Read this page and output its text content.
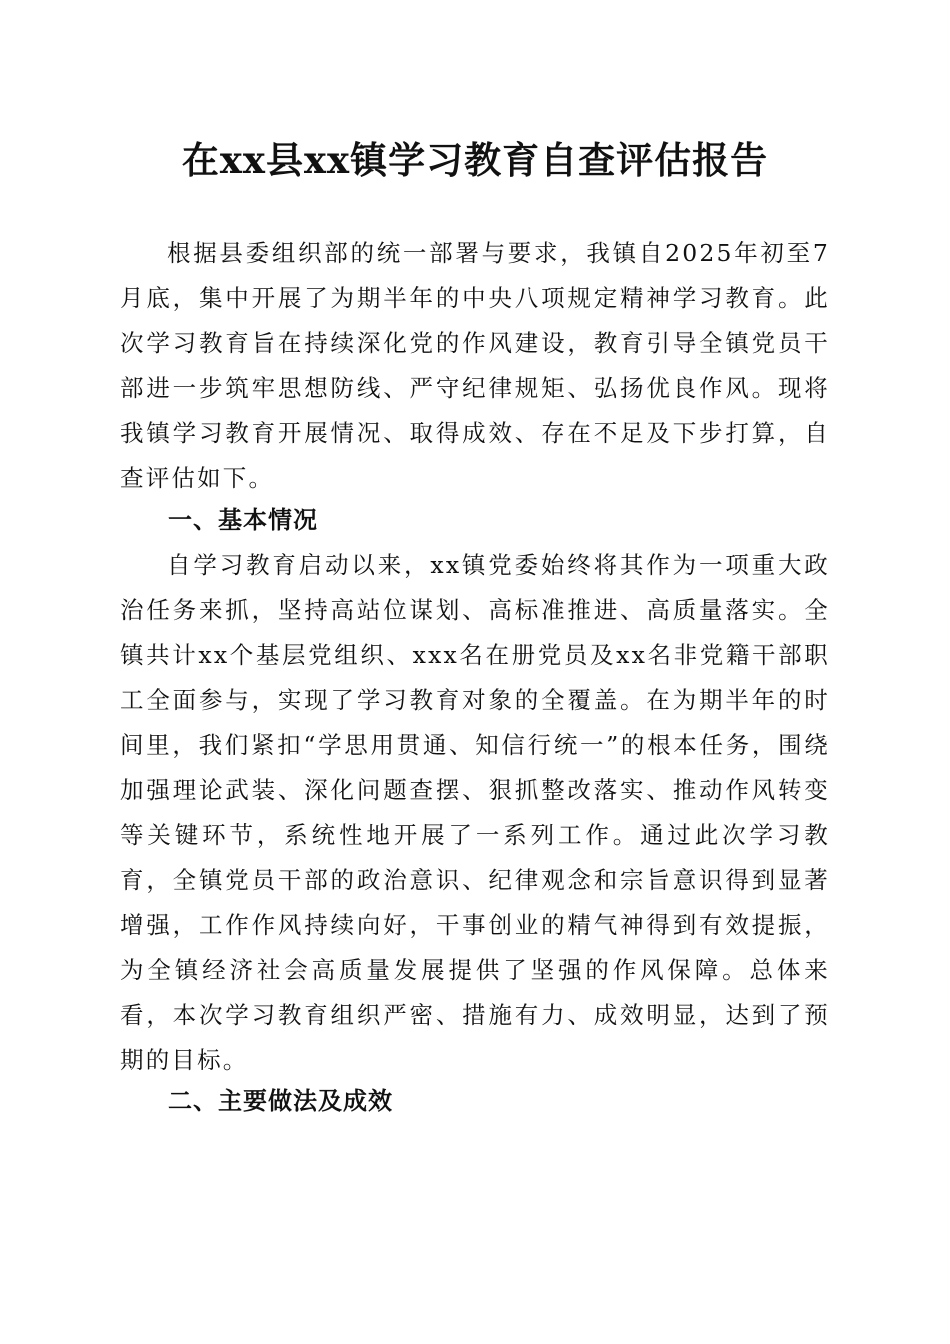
在xx县xx镇学习教育自查评估报告

根据县委组织部的统一部署与要求，我镇自2025年初至7月底，集中开展了为期半年的中央八项规定精神学习教育。此次学习教育旨在持续深化党的作风建设，教育引导全镇党员干部进一步筑牢思想防线、严守纪律规矩、弘扬优良作风。现将我镇学习教育开展情况、取得成效、存在不足及下步打算，自查评估如下。

一、基本情况

自学习教育启动以来，xx镇党委始终将其作为一项重大政治任务来抓，坚持高站位谋划、高标准推进、高质量落实。全镇共计xx个基层党组织、xxx名在册党员及xx名非党籍干部职工全面参与，实现了学习教育对象的全覆盖。在为期半年的时间里，我们紧扣“学思用贯通、知信行统一”的根本任务，围绕加强理论武装、深化问题查摆、狠抓整改落实、推动作风转变等关键环节，系统性地开展了一系列工作。通过此次学习教育，全镇党员干部的政治意识、纪律观念和宗旨意识得到显著增强，工作作风持续向好，干事创业的精气神得到有效提振，为全镇经济社会高质量发展提供了坚强的作风保障。总体来看，本次学习教育组织严密、措施有力、成效明显，达到了预期的目标。

二、主要做法及成效
